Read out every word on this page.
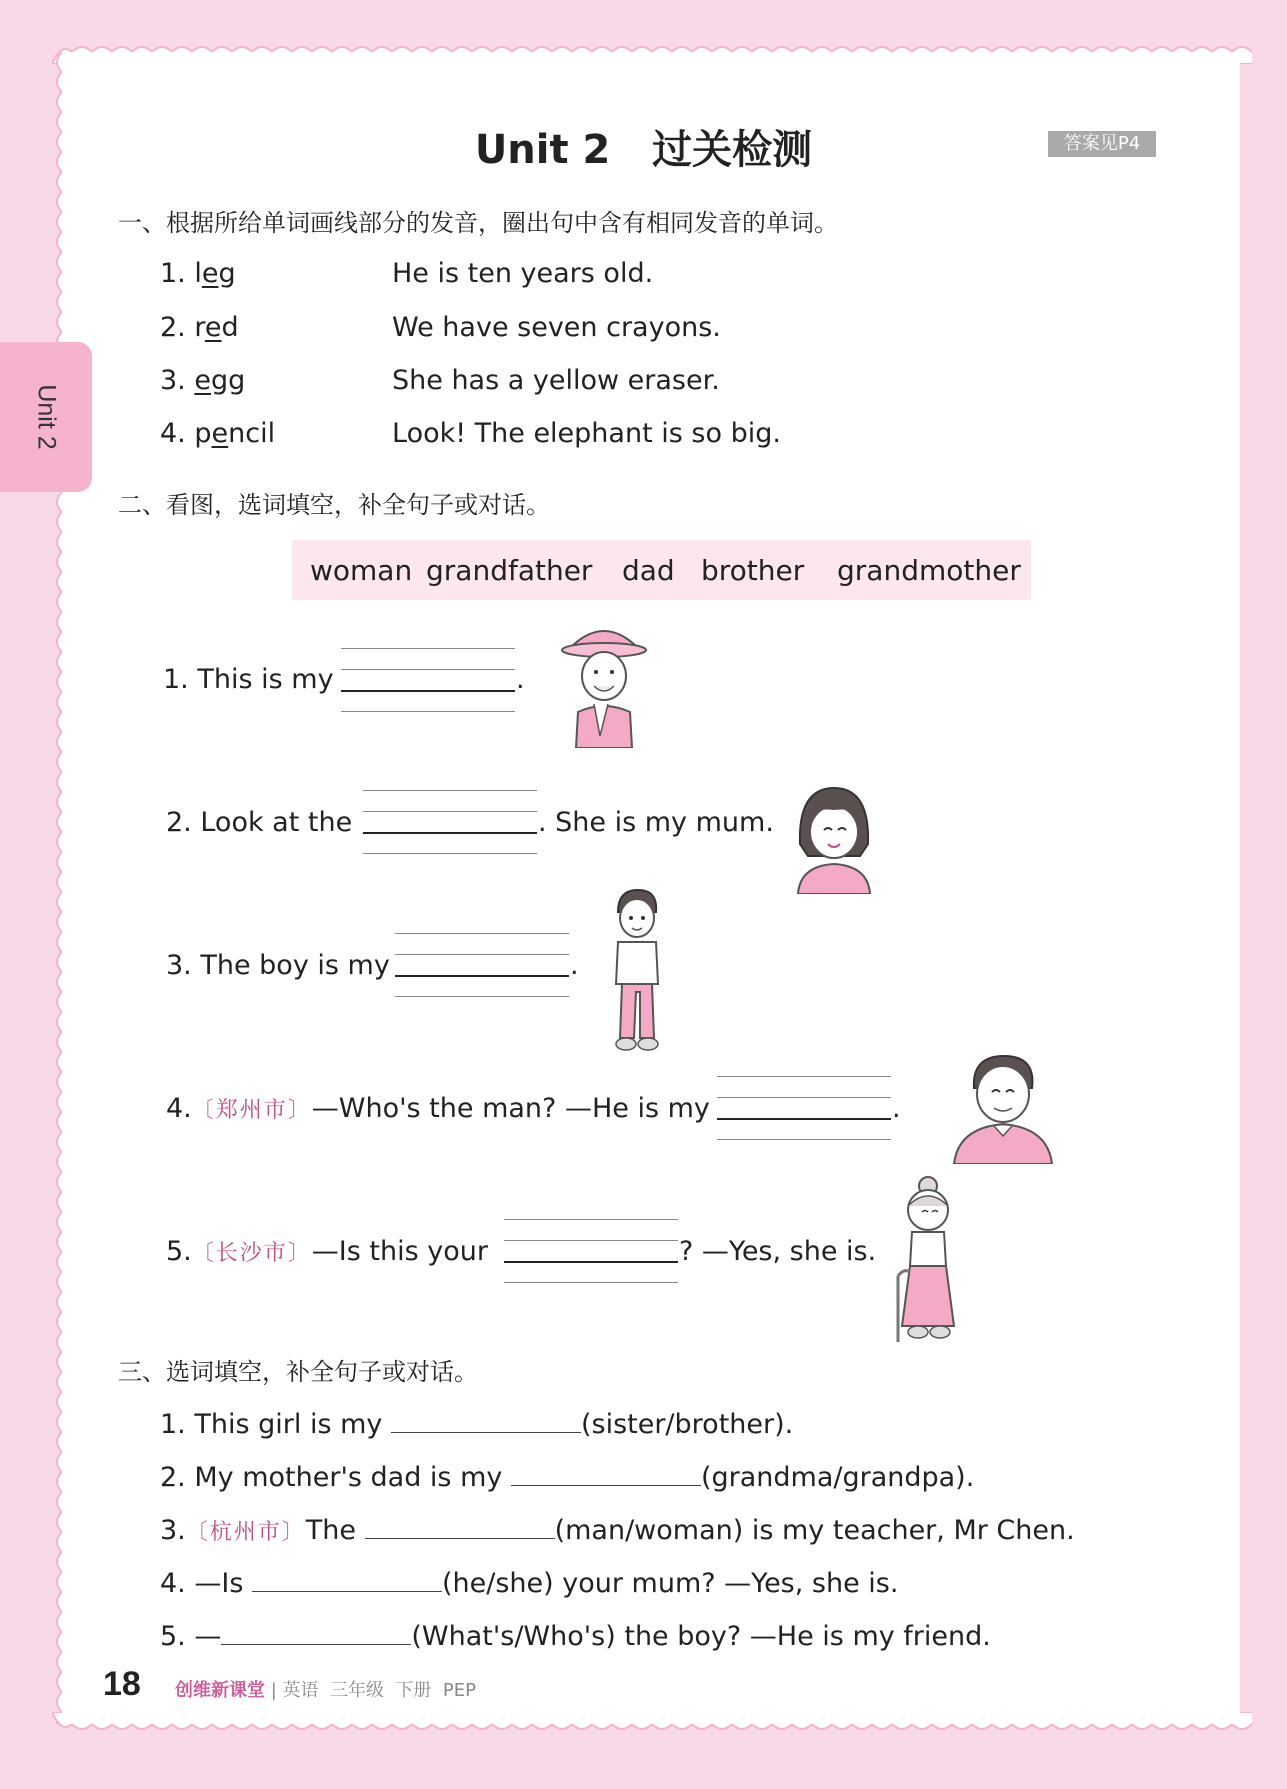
Unit 2
Unit 2   过关检测	答案见P4
一、根据所给单词画线部分的发音，圈出句中含有相同发音的单词。
1. leg	He is ten years old.
2. red	We have seven crayons.
3. egg	She has a yellow eraser.
4. pencil	Look! The elephant is so big.
二、看图，选词填空，补全句子或对话。
woman grandfather dad brother grandmother
1. This is my	.
2. Look at the	. She is my mum.
3. The boy is my	.
4.〔郑州市〕—Who's the man? —He is my	.
5.〔长沙市〕—Is this your	? —Yes, she is.
三、选词填空，补全句子或对话。
1. This girl is my	(sister/brother).
2. My mother's dad is my	(grandma/grandpa).
3.〔杭州市〕The	(man/woman) is my teacher, Mr Chen.
4. —Is	(he/she) your mum? —Yes, she is.
5. —	(What's/Who's) the boy? —He is my friend.
18 创维新课堂 | 英语  三年级  下册  PEP
